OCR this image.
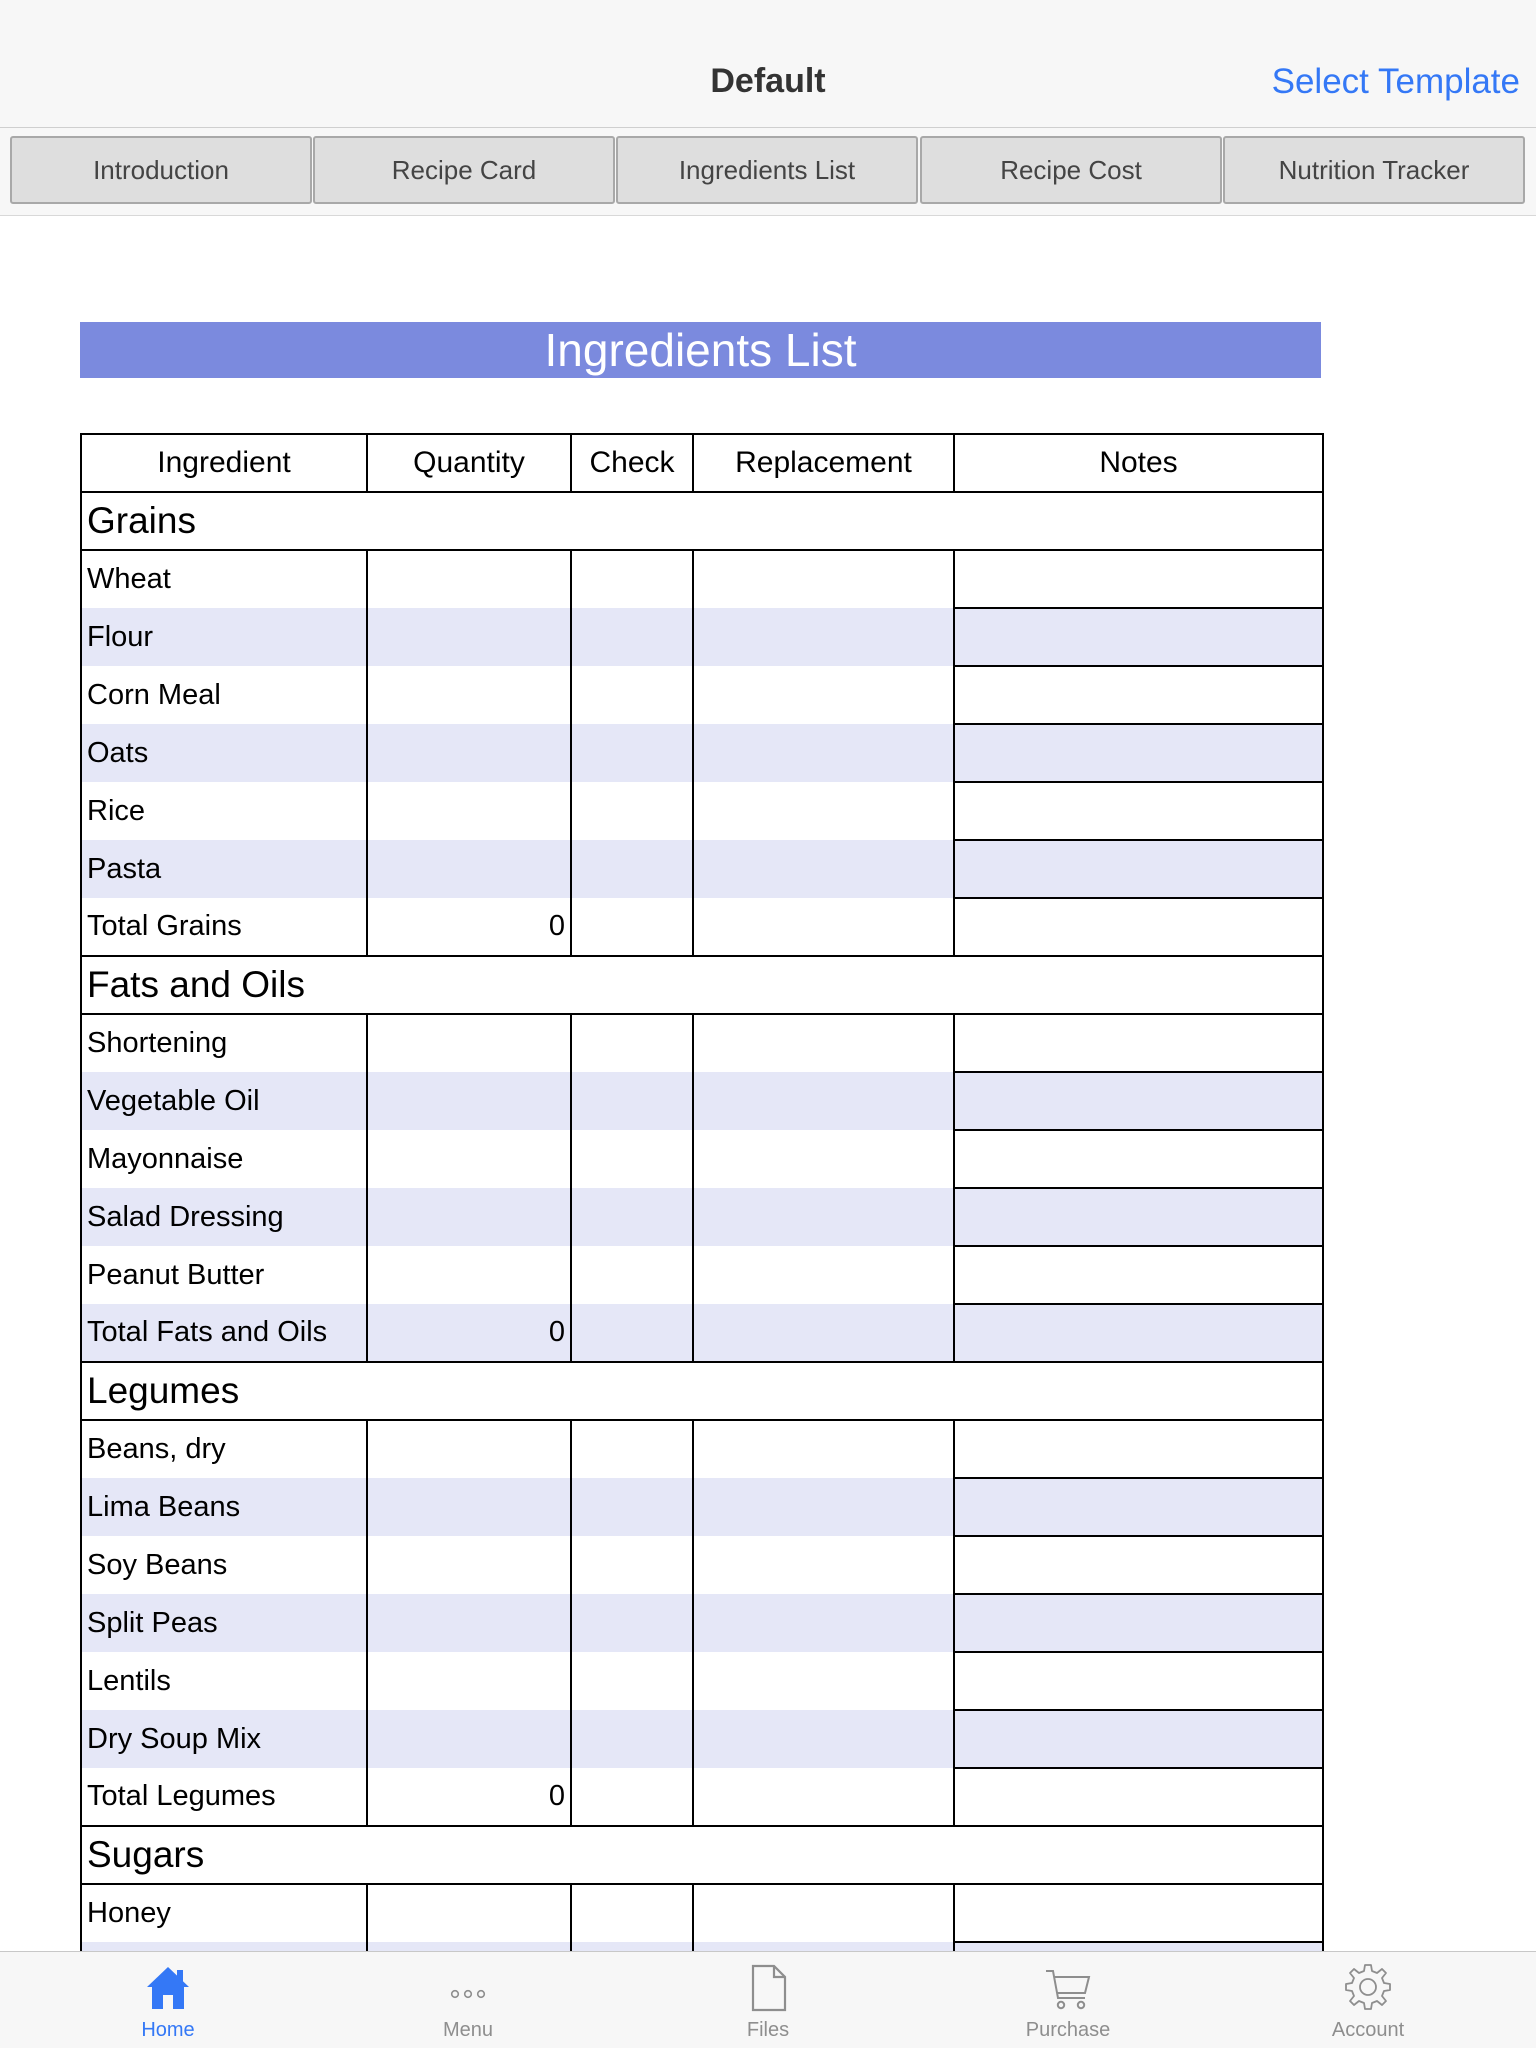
Default	Select Template
Introduction	Recipe Card	Ingredients List	Recipe Cost	Nutrition Tracker
Ingredients List
Ingredient	Quantity	Check	Replacement	Notes
Grains				
Wheat				
Flour				
Corn Meal				
Oats				
Rice				
Pasta				
Total Grains	0			
Fats and Oils				
Shortening				
Vegetable Oil				
Mayonnaise				
Salad Dressing				
Peanut Butter				
Total Fats and Oils	0			
Legumes				
Beans, dry				
Lima Beans				
Soy Beans				
Split Peas				
Lentils				
Dry Soup Mix				
Total Legumes	0			
Sugars				
Honey				

Home	Menu	Files	Purchase	Account
